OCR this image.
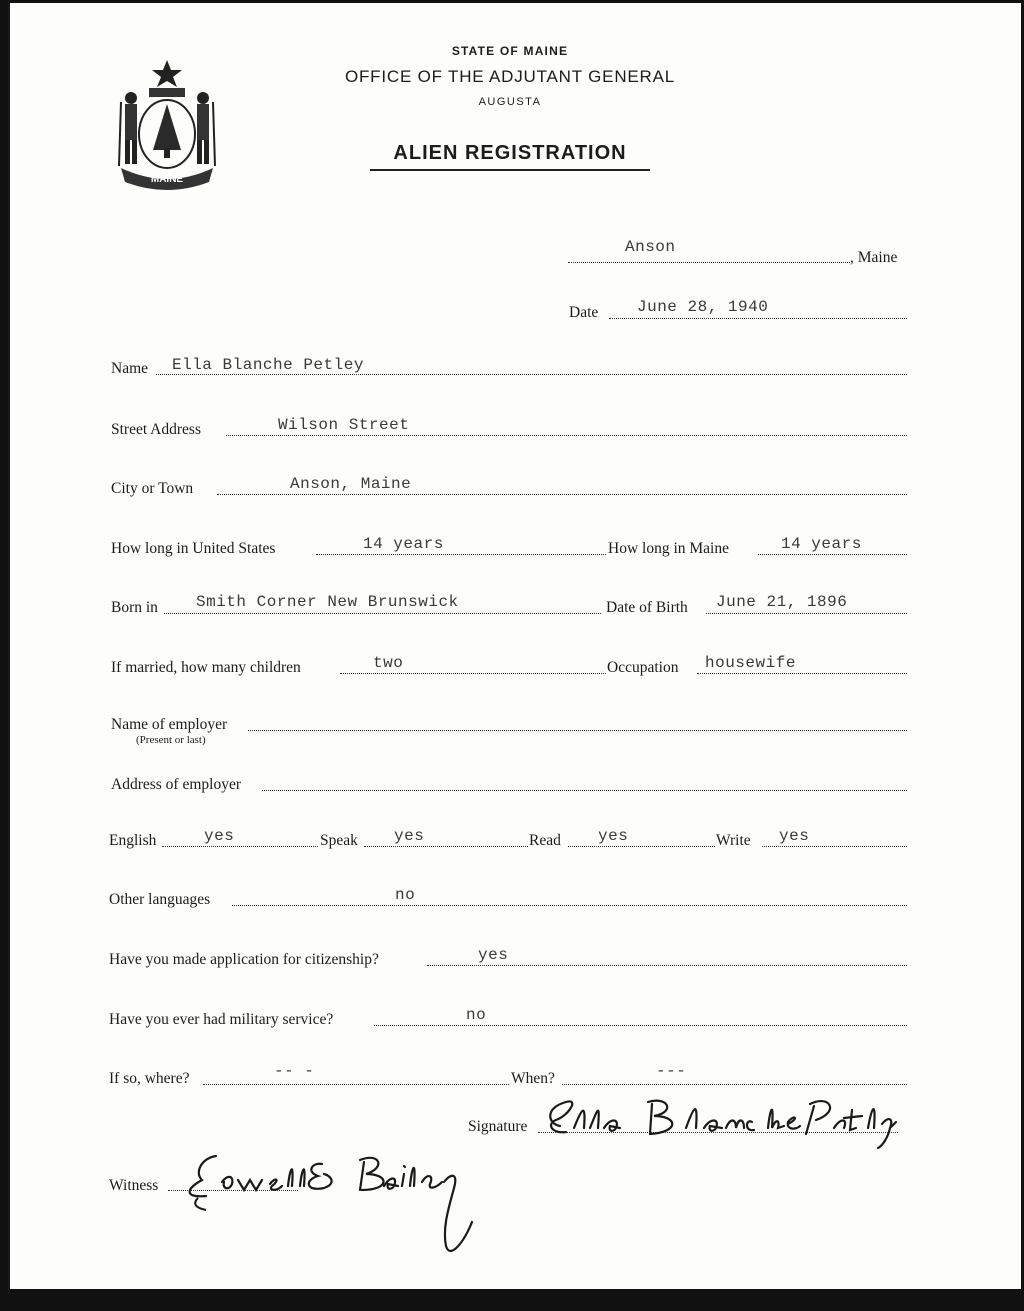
MAINE
STATE OF MAINE
OFFICE OF THE ADJUTANT GENERAL
AUGUSTA
ALIEN REGISTRATION
Anson
, Maine
Date June 28, 1940
Name Ella Blanche Petley
Street Address	Wilson Street
City or Town	Anson, Maine
How long in United States	14 years	How long in Maine	14 years
Born in Smith Corner New Brunswick	Date of Birth June 21, 1896
If married, how many children	two	Occupation housewife
Name of employer
(Present or last)
Address of employer
English	yes	Speak yes	Read yes	Write yes
Other languages	no
Have you made application for citizenship?	yes
Have you ever had military service?	no
If so, where?	-- -	When?	---
Signature
Witness
